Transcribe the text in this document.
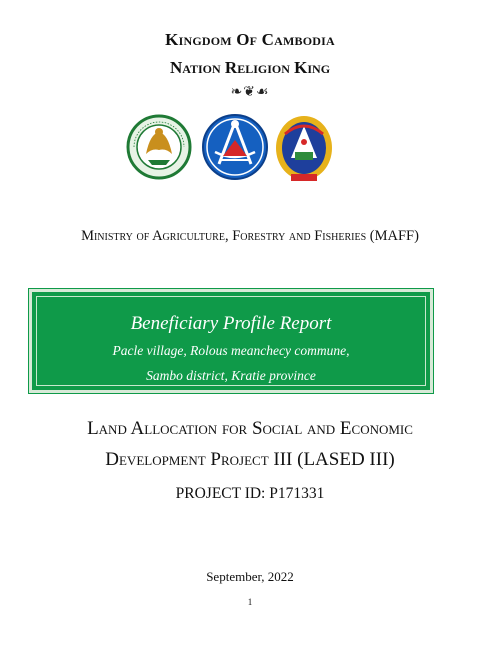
Kingdom Of Cambodia
Nation Religion King
❧❦☙
Ministry of Agriculture, Forestry and Fisheries (MAFF)
Beneficiary Profile Report
Pacle village, Rolous meanchecy commune,
Sambo district, Kratie province
Land Allocation for Social and Economic
Development Project III (LASED III)
PROJECT ID: P171331
September, 2022
1
